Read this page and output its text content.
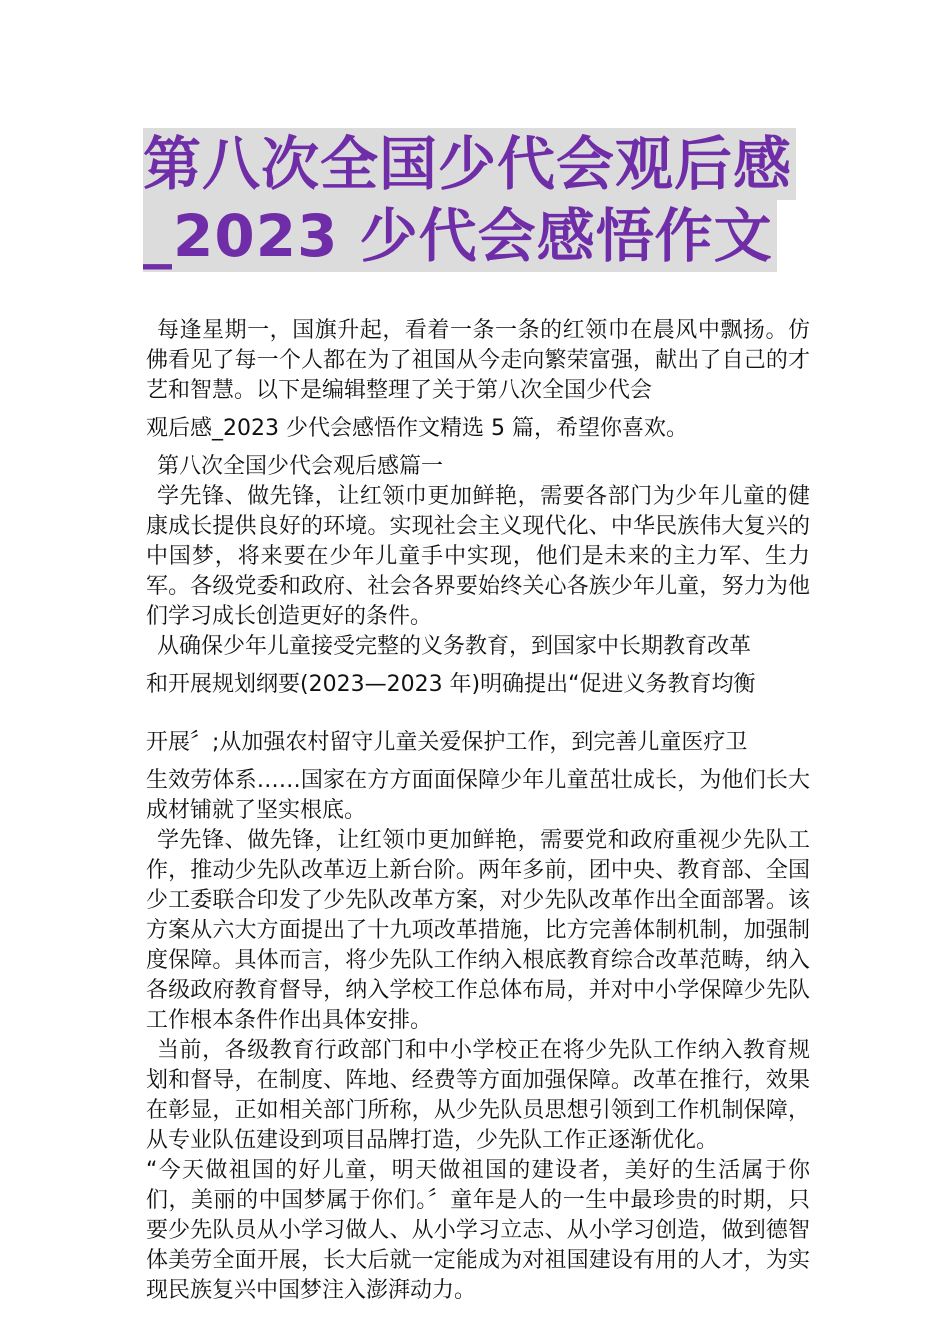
第八次全国少代会观后感
_2023 少代会感悟作文

每逢星期一，国旗升起，看着一条一条的红领巾在晨风中飘扬。仿佛看见了每一个人都在为了祖国从今走向繁荣富强，献出了自己的才艺和智慧。以下是编辑整理了关于第八次全国少代会

观后感_2023 少代会感悟作文精选 5 篇，希望你喜欢。

第八次全国少代会观后感篇一

学先锋、做先锋，让红领巾更加鲜艳，需要各部门为少年儿童的健康成长提供良好的环境。实现社会主义现代化、中华民族伟大复兴的中国梦，将来要在少年儿童手中实现，他们是未来的主力军、生力军。各级党委和政府、社会各界要始终关心各族少年儿童，努力为他们学习成长创造更好的条件。

从确保少年儿童接受完整的义务教育，到国家中长期教育改革

和开展规划纲要(2023—2023 年)明确提出“促进义务教育均衡

开展〞;从加强农村留守儿童关爱保护工作，到完善儿童医疗卫

生效劳体系……国家在方方面面保障少年儿童茁壮成长，为他们长大成材铺就了坚实根底。

学先锋、做先锋，让红领巾更加鲜艳，需要党和政府重视少先队工作，推动少先队改革迈上新台阶。两年多前，团中央、教育部、全国少工委联合印发了少先队改革方案，对少先队改革作出全面部署。该方案从六大方面提出了十九项改革措施，比方完善体制机制，加强制度保障。具体而言，将少先队工作纳入根底教育综合改革范畴，纳入各级政府教育督导，纳入学校工作总体布局，并对中小学保障少先队工作根本条件作出具体安排。

当前，各级教育行政部门和中小学校正在将少先队工作纳入教育规划和督导，在制度、阵地、经费等方面加强保障。改革在推行，效果在彰显，正如相关部门所称，从少先队员思想引领到工作机制保障，从专业队伍建设到项目品牌打造，少先队工作正逐渐优化。

“今天做祖国的好儿童，明天做祖国的建设者，美好的生活属于你们，美丽的中国梦属于你们。〞童年是人的一生中最珍贵的时期，只要少先队员从小学习做人、从小学习立志、从小学习创造，做到德智体美劳全面开展，长大后就一定能成为对祖国建设有用的人才，为实现民族复兴中国梦注入澎湃动力。
